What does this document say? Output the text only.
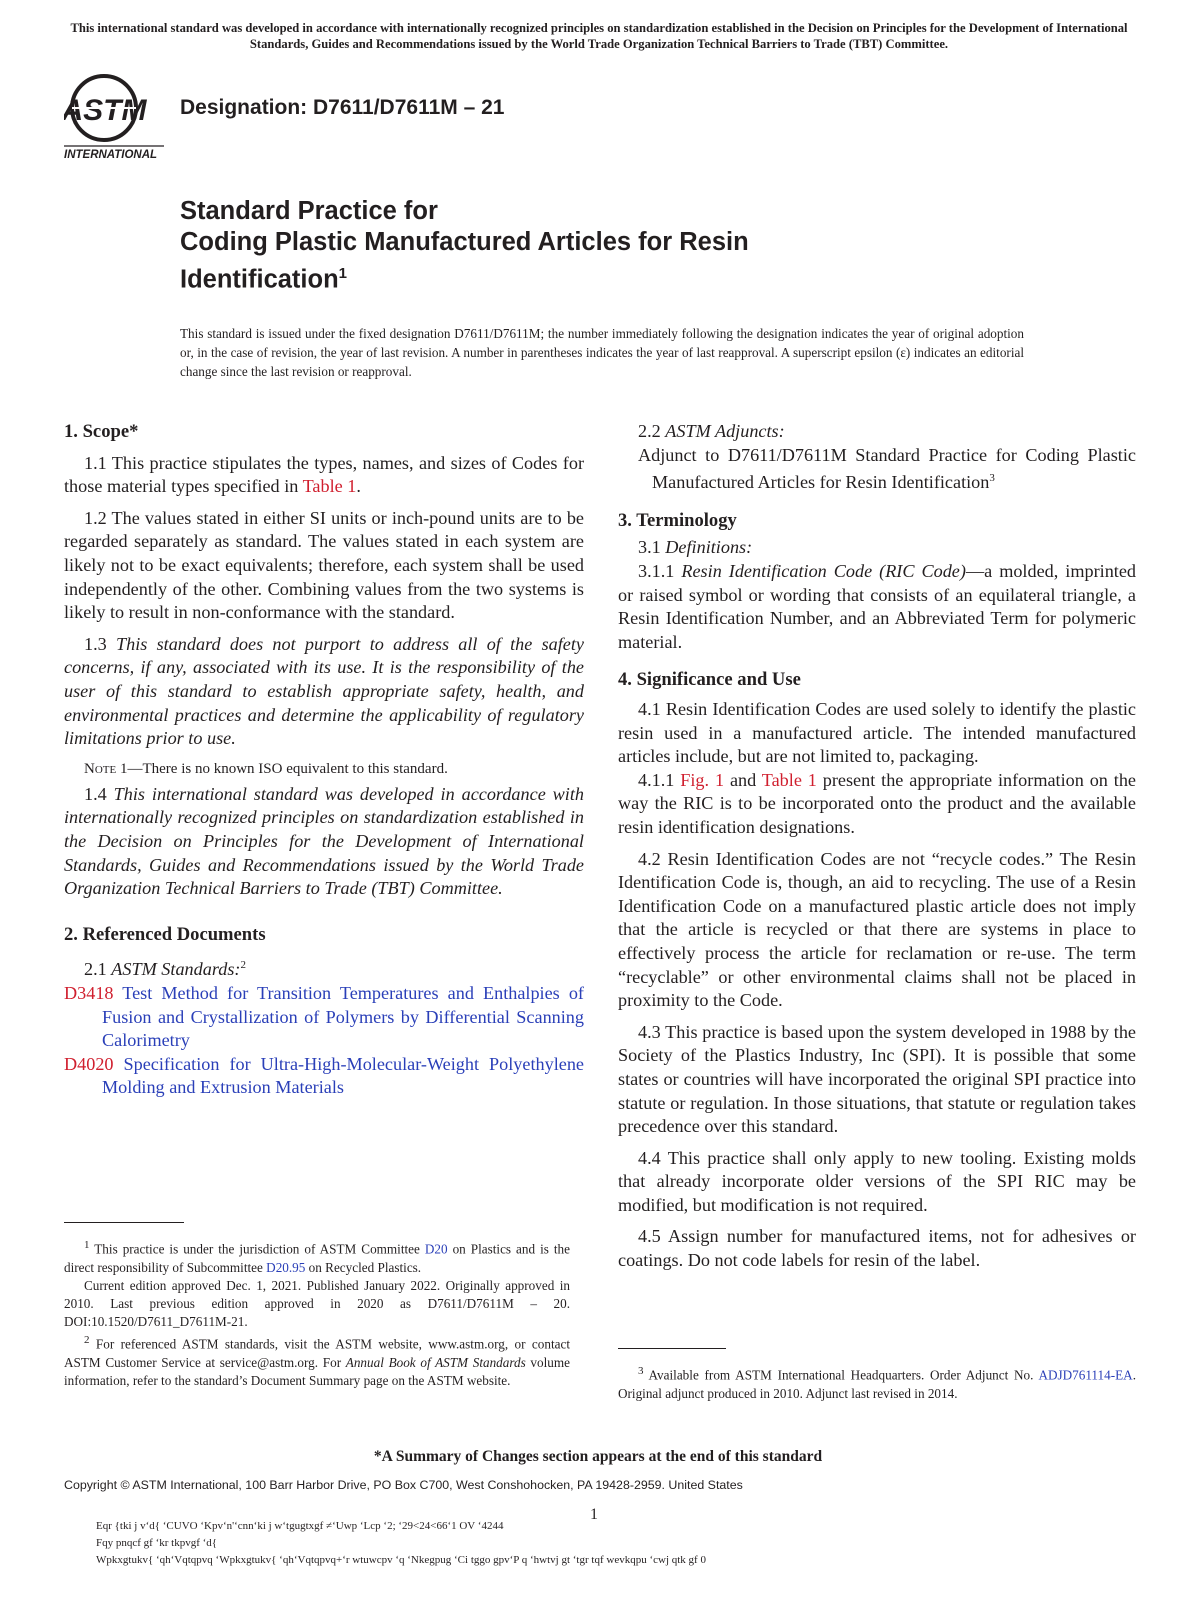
This international standard was developed in accordance with internationally recognized principles on standardization established in the Decision on Principles for the Development of International Standards, Guides and Recommendations issued by the World Trade Organization Technical Barriers to Trade (TBT) Committee.
ASTM
INTERNATIONAL
Designation: D7611/D7611M – 21
Standard Practice for
Coding Plastic Manufactured Articles for Resin
Identification$^1$
This standard is issued under the fixed designation D7611/D7611M; the number immediately following the designation indicates the year of original adoption or, in the case of revision, the year of last revision. A number in parentheses indicates the year of last reapproval. A superscript epsilon (ε) indicates an editorial change since the last revision or reapproval.

1. Scope*

1.1 This practice stipulates the types, names, and sizes of Codes for those material types specified in Table 1.

1.2 The values stated in either SI units or inch-pound units are to be regarded separately as standard. The values stated in each system are likely not to be exact equivalents; therefore, each system shall be used independently of the other. Combining values from the two systems is likely to result in non-conformance with the standard.

1.3 This standard does not purport to address all of the safety concerns, if any, associated with its use. It is the responsibility of the user of this standard to establish appropriate safety, health, and environmental practices and determine the applicability of regulatory limitations prior to use.

Note 1—There is no known ISO equivalent to this standard.

1.4 This international standard was developed in accordance with internationally recognized principles on standardization established in the Decision on Principles for the Development of International Standards, Guides and Recommendations issued by the World Trade Organization Technical Barriers to Trade (TBT) Committee.

2. Referenced Documents

2.1 ASTM Standards:$^2$

D3418 Test Method for Transition Temperatures and Enthalpies of Fusion and Crystallization of Polymers by Differential Scanning Calorimetry

D4020 Specification for Ultra-High-Molecular-Weight Polyethylene Molding and Extrusion Materials

$^1$ This practice is under the jurisdiction of ASTM Committee D20 on Plastics and is the direct responsibility of Subcommittee D20.95 on Recycled Plastics.

Current edition approved Dec. 1, 2021. Published January 2022. Originally approved in 2010. Last previous edition approved in 2020 as D7611/D7611M – 20. DOI:10.1520/D7611_D7611M-21.

$^2$ For referenced ASTM standards, visit the ASTM website, www.astm.org, or contact ASTM Customer Service at service@astm.org. For Annual Book of ASTM Standards volume information, refer to the standard’s Document Summary page on the ASTM website.

2.2 ASTM Adjuncts:

Adjunct to D7611/D7611M Standard Practice for Coding Plastic Manufactured Articles for Resin Identification$^3$

3. Terminology

3.1 Definitions:

3.1.1 Resin Identification Code (RIC Code)—a molded, imprinted or raised symbol or wording that consists of an equilateral triangle, a Resin Identification Number, and an Abbreviated Term for polymeric material.

4. Significance and Use

4.1 Resin Identification Codes are used solely to identify the plastic resin used in a manufactured article. The intended manufactured articles include, but are not limited to, packaging.

4.1.1 Fig. 1 and Table 1 present the appropriate information on the way the RIC is to be incorporated onto the product and the available resin identification designations.

4.2 Resin Identification Codes are not “recycle codes.” The Resin Identification Code is, though, an aid to recycling. The use of a Resin Identification Code on a manufactured plastic article does not imply that the article is recycled or that there are systems in place to effectively process the article for reclamation or re-use. The term “recyclable” or other environmental claims shall not be placed in proximity to the Code.

4.3 This practice is based upon the system developed in 1988 by the Society of the Plastics Industry, Inc (SPI). It is possible that some states or countries will have incorporated the original SPI practice into statute or regulation. In those situations, that statute or regulation takes precedence over this standard.

4.4 This practice shall only apply to new tooling. Existing molds that already incorporate older versions of the SPI RIC may be modified, but modification is not required.

4.5 Assign number for manufactured items, not for adhesives or coatings. Do not code labels for resin of the label.

$^3$ Available from ASTM International Headquarters. Order Adjunct No. ADJD761114-EA. Original adjunct produced in 2010. Adjunct last revised in 2014.

*A Summary of Changes section appears at the end of this standard
Copyright © ASTM International, 100 Barr Harbor Drive, PO Box C700, West Conshohocken, PA 19428-2959. United States
1
Eqr {tki j vʻd{ ʻCUVO ʻKpvʻn'ʻcnnʻki j wʻtgugtxgf ≠ʻUwp ʻLcp ʻ2; ʻ29<24<66ʻ1 OV ʻ4244
Fqy pnqcf gf ʻkr tkpvgf ʻd{
Wpkxgtukv{ ʻqhʻVqtqpvq ʻWpkxgtukv{ ʻqhʻVqtqpvq+ʻr wtuwcpv ʻq ʻNkegpug ʻCi tggo gpvʻP q ʻhwtvj gt ʻtgr tqf wevkqpu ʻcwj qtk gf 0
